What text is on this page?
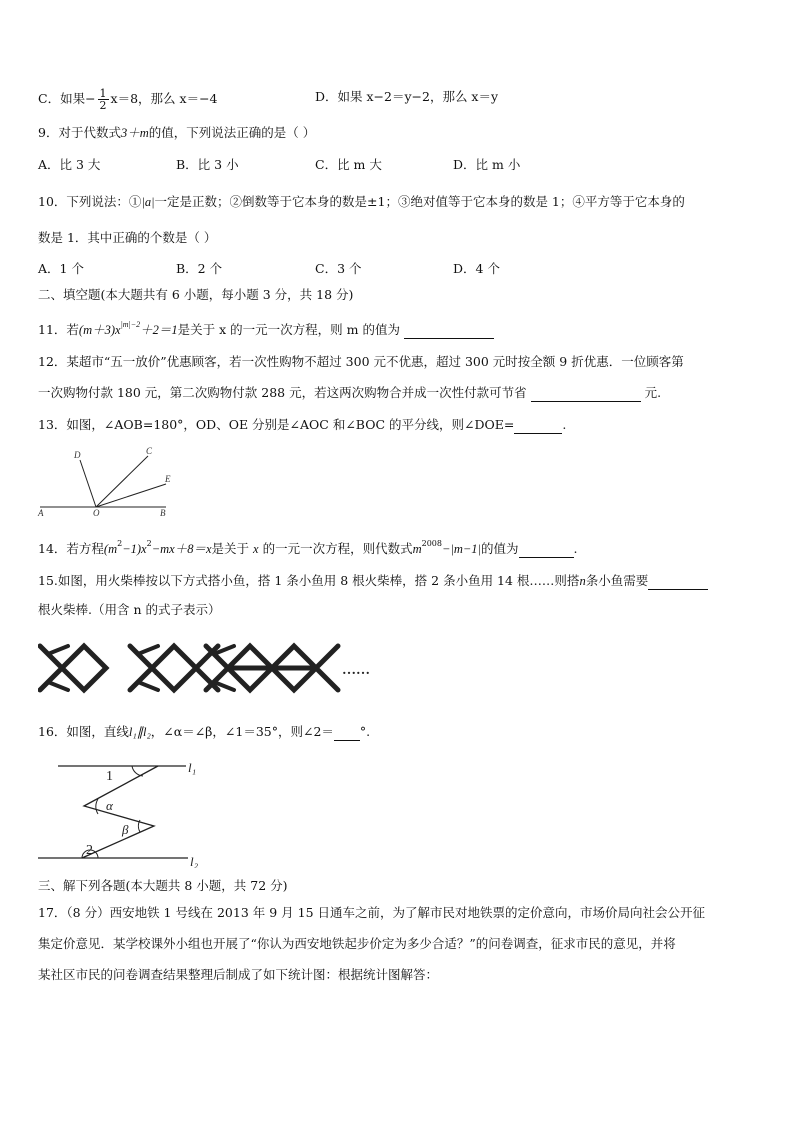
C．如果− $\frac{1}{2} x=8$，那么 x＝−4	D．如果 x−2＝y−2，那么 x＝y
9．对于代数式3＋m的值，下列说法正确的是（ ）
A．比 3 大	B．比 3 小	C．比 m 大	D．比 m 小
10．下列说法：①|a|一定是正数；②倒数等于它本身的数是±1；③绝对值等于它本身的数是 1；④平方等于它本身的
数是 1．其中正确的个数是（ ）
A．1 个	B．2 个	C．3 个	D．4 个
二、填空题(本大题共有 6 小题，每小题 3 分，共 18 分)
11．若$(m+3)x^{|m|-2}+2=1$是关于 x 的一元一次方程，则 m 的值为
12．某超市“五一放价”优惠顾客，若一次性购物不超过 300 元不优惠，超过 300 元时按全额 9 折优惠．一位顾客第
一次购物付款 180 元，第二次购物付款 288 元，若这两次购物合并成一次性付款可节省	元.
13．如图，∠AOB=180°，OD、OE 分别是∠AOC 和∠BOC 的平分线，则∠DOE=	.
D	C
E
A	O	B
14．若方程$(m^2-1)x^2-mx+8=x$是关于 x 的一元一次方程，则代数式$m^{2008}-|m-1|$的值为	.
15.如图，用火柴棒按以下方式搭小鱼，搭 1 条小鱼用 8 根火柴棒，搭 2 条小鱼用 14 根……则搭n条小鱼需要
根火柴棒.（用含 n 的式子表示）
……
16．如图，直线l₁∥l₂，∠α＝∠β，∠1＝35°，则∠2＝ °.
1
α
β
2
l₁
l₂
三、解下列各题(本大题共 8 小题，共 72 分)
17．（8 分）西安地铁 1 号线在 2013 年 9 月 15 日通车之前，为了解市民对地铁票的定价意向，市场价局向社会公开征
集定价意见．某学校课外小组也开展了“你认为西安地铁起步价定为多少合适？”的问卷调查，征求市民的意见，并将
某社区市民的问卷调查结果整理后制成了如下统计图：根据统计图解答：
